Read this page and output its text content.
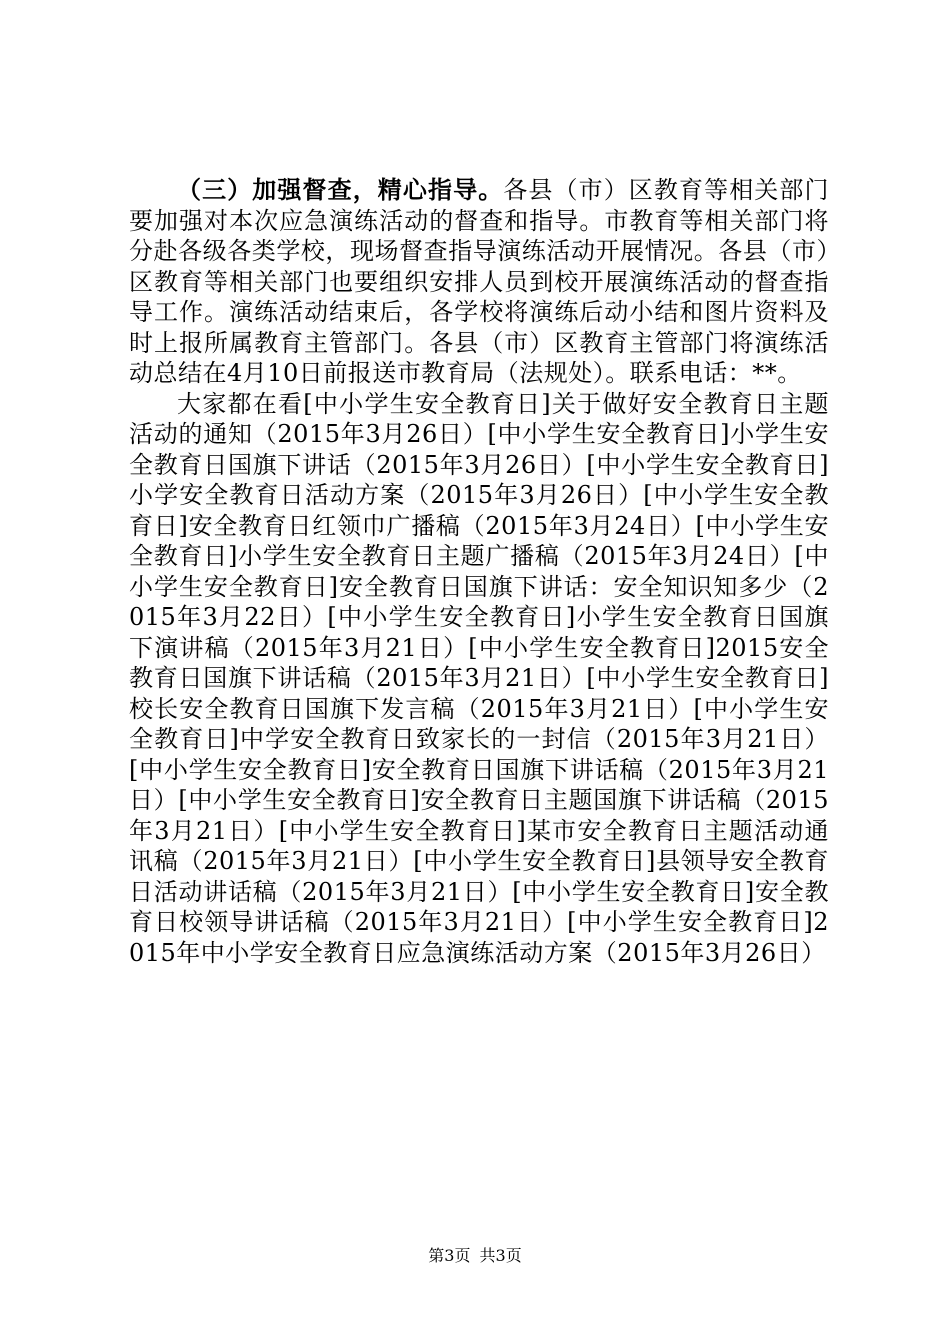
（三）加强督查，精心指导。各县（市）区教育等相关部门要加强对本次应急演练活动的督查和指导。市教育等相关部门将分赴各级各类学校，现场督查指导演练活动开展情况。各县（市）区教育等相关部门也要组织安排人员到校开展演练活动的督查指导工作。演练活动结束后，各学校将演练后动小结和图片资料及时上报所属教育主管部门。各县（市）区教育主管部门将演练活动总结在4月10日前报送市教育局（法规处）。联系电话：**。

大家都在看[中小学生安全教育日]关于做好安全教育日主题活动的通知（2015年3月26日）[中小学生安全教育日]小学生安全教育日国旗下讲话（2015年3月26日）[中小学生安全教育日]小学安全教育日活动方案（2015年3月26日）[中小学生安全教育日]安全教育日红领巾广播稿（2015年3月24日）[中小学生安全教育日]小学生安全教育日主题广播稿（2015年3月24日）[中小学生安全教育日]安全教育日国旗下讲话：安全知识知多少（2015年3月22日）[中小学生安全教育日]小学生安全教育日国旗下演讲稿（2015年3月21日）[中小学生安全教育日]2015安全教育日国旗下讲话稿（2015年3月21日）[中小学生安全教育日]校长安全教育日国旗下发言稿（2015年3月21日）[中小学生安全教育日]中学安全教育日致家长的一封信（2015年3月21日）[中小学生安全教育日]安全教育日国旗下讲话稿（2015年3月21日）[中小学生安全教育日]安全教育日主题国旗下讲话稿（2015年3月21日）[中小学生安全教育日]某市安全教育日主题活动通讯稿（2015年3月21日）[中小学生安全教育日]县领导安全教育日活动讲话稿（2015年3月21日）[中小学生安全教育日]安全教育日校领导讲话稿（2015年3月21日）[中小学生安全教育日]2015年中小学安全教育日应急演练活动方案（2015年3月26日）

第3页 共3页
